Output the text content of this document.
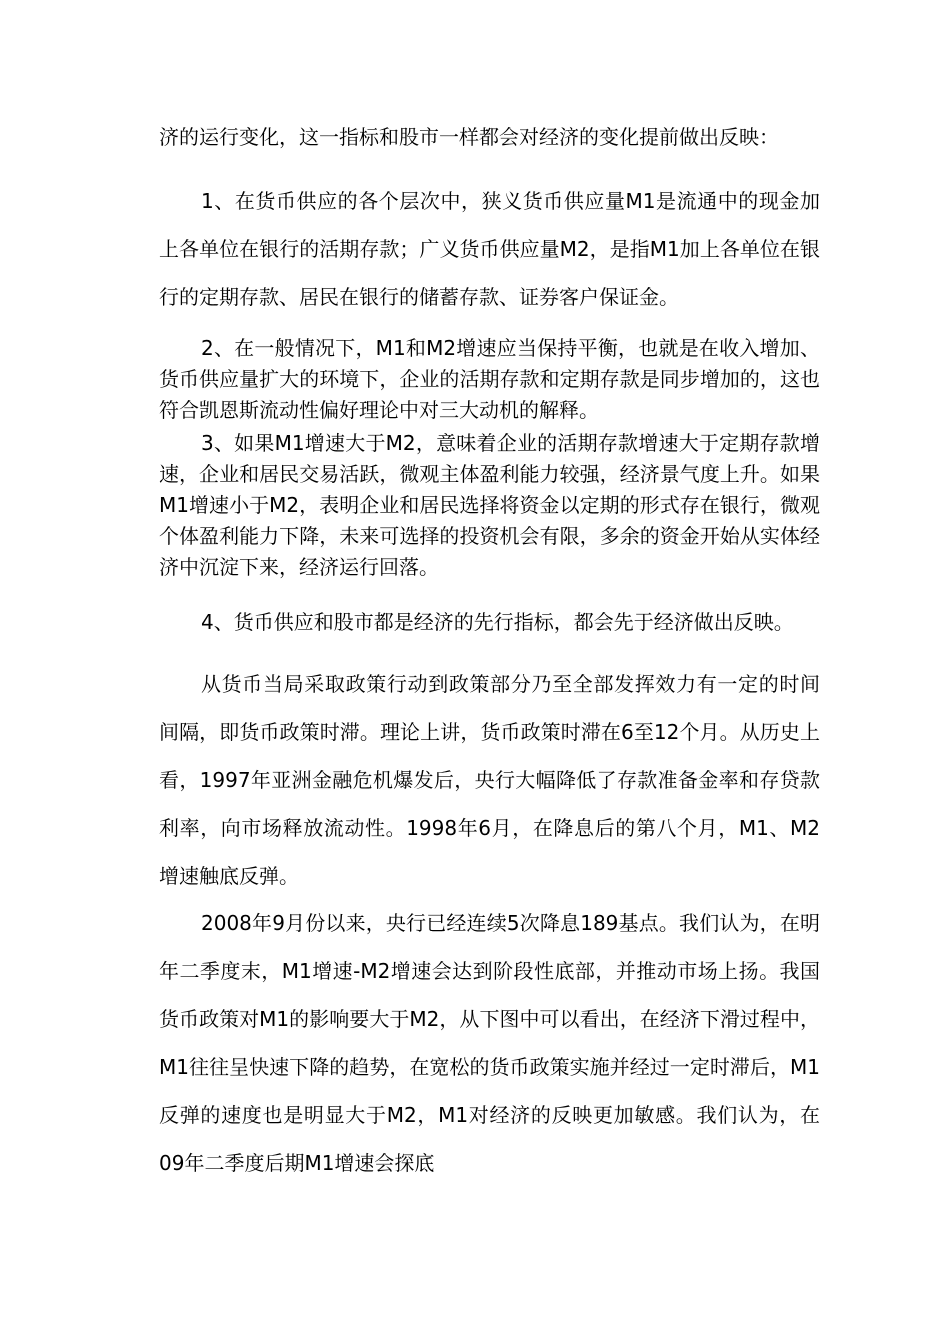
济的运行变化，这一指标和股市一样都会对经济的变化提前做出反映：

1、在货币供应的各个层次中，狭义货币供应量M1是流通中的现金加上各单位在银行的活期存款；广义货币供应量M2，是指M1加上各单位在银行的定期存款、居民在银行的储蓄存款、证券客户保证金。

2、在一般情况下，M1和M2增速应当保持平衡，也就是在收入增加、货币供应量扩大的环境下，企业的活期存款和定期存款是同步增加的，这也符合凯恩斯流动性偏好理论中对三大动机的解释。

3、如果M1增速大于M2，意味着企业的活期存款增速大于定期存款增速，企业和居民交易活跃，微观主体盈利能力较强，经济景气度上升。如果M1增速小于M2，表明企业和居民选择将资金以定期的形式存在银行，微观个体盈利能力下降，未来可选择的投资机会有限，多余的资金开始从实体经济中沉淀下来，经济运行回落。

4、货币供应和股市都是经济的先行指标，都会先于经济做出反映。

从货币当局采取政策行动到政策部分乃至全部发挥效力有一定的时间间隔，即货币政策时滞。理论上讲，货币政策时滞在6至12个月。从历史上看，1997年亚洲金融危机爆发后，央行大幅降低了存款准备金率和存贷款利率，向市场释放流动性。1998年6月，在降息后的第八个月，M1、M2增速触底反弹。

2008年9月份以来，央行已经连续5次降息189基点。我们认为，在明年二季度末，M1增速-M2增速会达到阶段性底部，并推动市场上扬。我国货币政策对M1的影响要大于M2，从下图中可以看出，在经济下滑过程中，M1往往呈快速下降的趋势，在宽松的货币政策实施并经过一定时滞后，M1反弹的速度也是明显大于M2，M1对经济的反映更加敏感。我们认为，在09年二季度后期M1增速会探底
